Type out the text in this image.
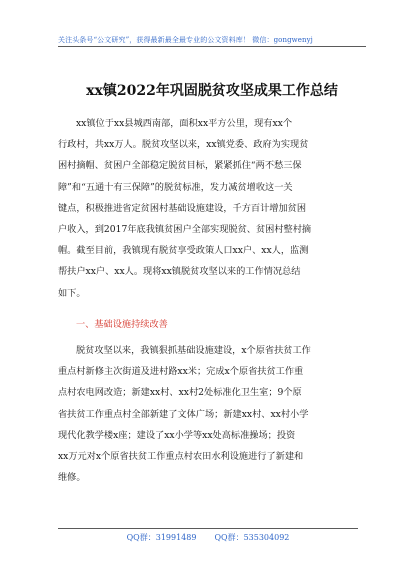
关注头条号“公文研究”，获得最新最全最专业的公文资料库！ 微信：gongwenyj
xx镇2022年巩固脱贫攻坚成果工作总结
xx镇位于xx县城西南部，面积xx平方公里，现有xx个
行政村，共xx万人。脱贫攻坚以来，xx镇党委、政府为实现贫
困村摘帽、贫困户全部稳定脱贫目标，紧紧抓住“两不愁三保
障”和“五通十有三保障”的脱贫标准，发力减贫增收这一关
键点，积极推进省定贫困村基础设施建设，千方百计增加贫困
户收入，到2017年底我镇贫困户全部实现脱贫、贫困村整村摘
帽。截至目前，我镇现有脱贫享受政策人口xx户、xx人，监测
帮扶户xx户、xx人。现将xx镇脱贫攻坚以来的工作情况总结
如下。
一、基础设施持续改善
脱贫攻坚以来，我镇狠抓基础设施建设，x个原省扶贫工作
重点村新修主次街道及进村路xx米；完成x个原省扶贫工作重
点村农电网改造；新建xx村、xx村2处标准化卫生室；9个原
省扶贫工作重点村全部新建了文体广场；新建xx村、xx村小学
现代化教学楼x座；建设了xx小学等xx处高标准操场；投资
xx万元对x个原省扶贫工作重点村农田水利设施进行了新建和
维修。
QQ群：31991489 QQ群：535304092
